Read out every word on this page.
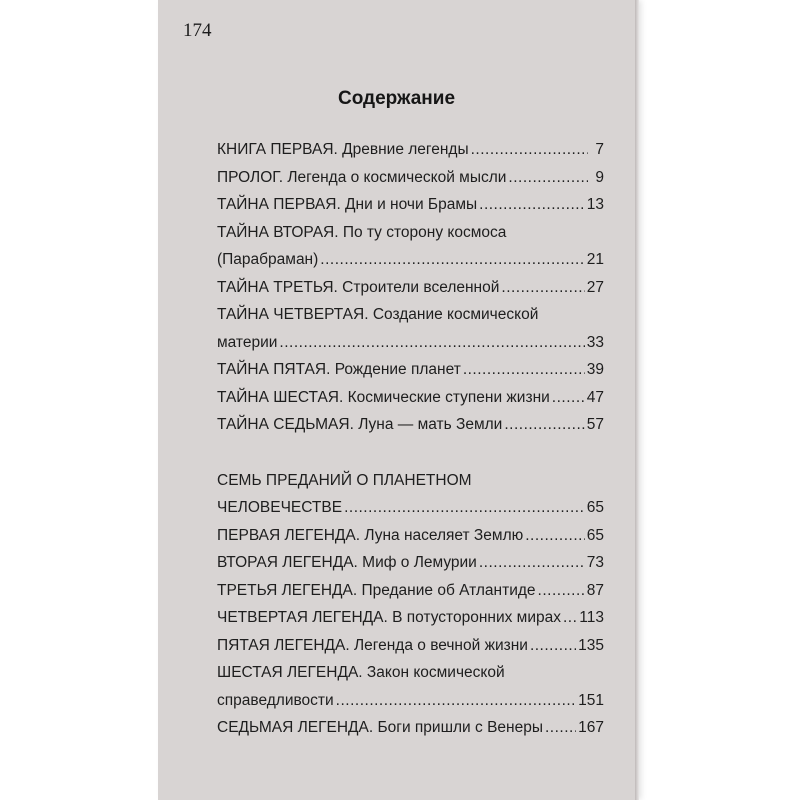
174
Содержание
КНИГА ПЕРВАЯ. Древние легенды .....	7
ПРОЛОГ. Легенда о космической мысли .....	9
ТАЙНА ПЕРВАЯ. Дни и ночи Брамы .....	13
ТАЙНА ВТОРАЯ. По ту сторону космоса
(Парабраман) .....	21
ТАЙНА ТРЕТЬЯ. Строители вселенной .....	27
ТАЙНА ЧЕТВЕРТАЯ. Создание космической
материи .....	33
ТАЙНА ПЯТАЯ. Рождение планет .....	39
ТАЙНА ШЕСТАЯ. Космические ступени жизни ..... 47
ТАЙНА СЕДЬМАЯ. Луна — мать Земли .....	57
СЕМЬ ПРЕДАНИЙ О ПЛАНЕТНОМ
ЧЕЛОВЕЧЕСТВЕ .....	65
ПЕРВАЯ ЛЕГЕНДА. Луна населяет Землю .....	65
ВТОРАЯ ЛЕГЕНДА. Миф о Лемурии .....	73
ТРЕТЬЯ ЛЕГЕНДА. Предание об Атлантиде .....	87
ЧЕТВЕРТАЯ ЛЕГЕНДА. В потусторонних мирах ..... 113
ПЯТАЯ ЛЕГЕНДА. Легенда о вечной жизни .....	135
ШЕСТАЯ ЛЕГЕНДА. Закон космической
справедливости .....	151
СЕДЬМАЯ ЛЕГЕНДА. Боги пришли с Венеры ..... 167
